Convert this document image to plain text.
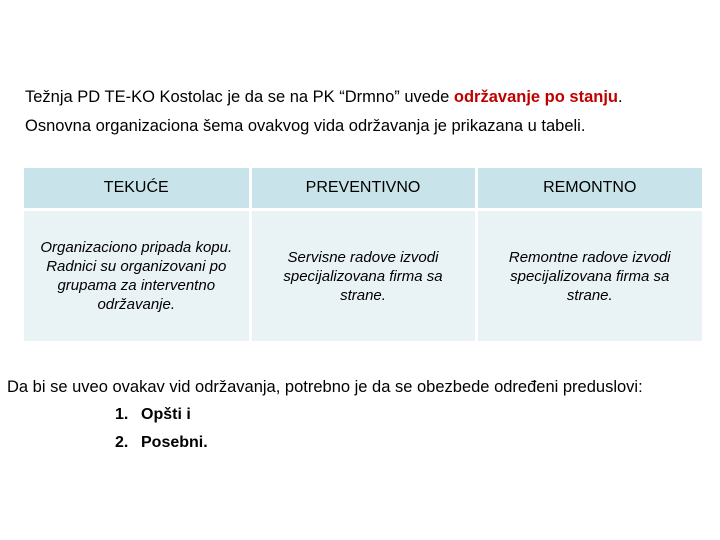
Težnja PD TE-KO Kostolac je da se na PK “Drmno” uvede održavanje po stanju.

Osnovna organizaciona šema ovakvog vida održavanja je prikazana u tabeli.

TEKUĆE	PREVENTIVNO	REMONTNO
Organizaciono pripada kopu. Radnici su organizovani po grupama za interventno održavanje.	Servisne radove izvodi specijalizovana firma sa strane.	Remontne radove izvodi specijalizovana firma sa strane.

Da bi se uveo ovakav vid održavanja, potrebno je da se obezbede određeni preduslovi:

1. Opšti i
2. Posebni.
